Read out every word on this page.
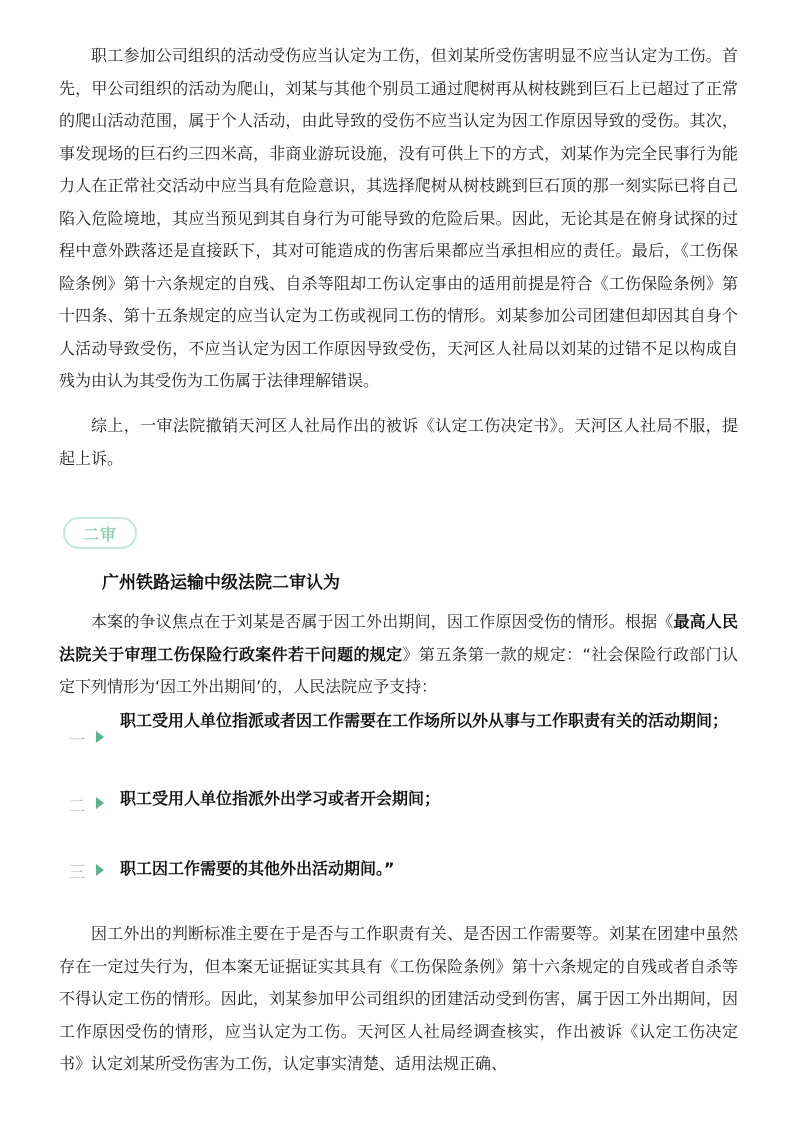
职工参加公司组织的活动受伤应当认定为工伤，但刘某所受伤害明显不应当认定为工伤。首先，甲公司组织的活动为爬山，刘某与其他个别员工通过爬树再从树枝跳到巨石上已超过了正常的爬山活动范围，属于个人活动，由此导致的受伤不应当认定为因工作原因导致的受伤。其次，事发现场的巨石约三四米高，非商业游玩设施，没有可供上下的方式，刘某作为完全民事行为能力人在正常社交活动中应当具有危险意识，其选择爬树从树枝跳到巨石顶的那一刻实际已将自己陷入危险境地，其应当预见到其自身行为可能导致的危险后果。因此，无论其是在俯身试探的过程中意外跌落还是直接跃下，其对可能造成的伤害后果都应当承担相应的责任。最后，《工伤保险条例》第十六条规定的自残、自杀等阻却工伤认定事由的适用前提是符合《工伤保险条例》第十四条、第十五条规定的应当认定为工伤或视同工伤的情形。刘某参加公司团建但却因其自身个人活动导致受伤，不应当认定为因工作原因导致受伤，天河区人社局以刘某的过错不足以构成自残为由认为其受伤为工伤属于法律理解错误。

综上，一审法院撤销天河区人社局作出的被诉《认定工伤决定书》。天河区人社局不服，提起上诉。

二审

广州铁路运输中级法院二审认为

本案的争议焦点在于刘某是否属于因工外出期间，因工作原因受伤的情形。根据《最高人民法院关于审理工伤保险行政案件若干问题的规定》第五条第一款的规定：“社会保险行政部门认定下列情形为‘因工外出期间’的，人民法院应予支持：

一

职工受用人单位指派或者因工作需要在工作场所以外从事与工作职责有关的活动期间；

二 职工受用人单位指派外出学习或者开会期间；

三 职工因工作需要的其他外出活动期间。”

因工外出的判断标准主要在于是否与工作职责有关、是否因工作需要等。刘某在团建中虽然存在一定过失行为，但本案无证据证实其具有《工伤保险条例》第十六条规定的自残或者自杀等不得认定工伤的情形。因此，刘某参加甲公司组织的团建活动受到伤害，属于因工外出期间，因工作原因受伤的情形，应当认定为工伤。天河区人社局经调查核实，作出被诉《认定工伤决定书》认定刘某所受伤害为工伤，认定事实清楚、适用法规正确、
